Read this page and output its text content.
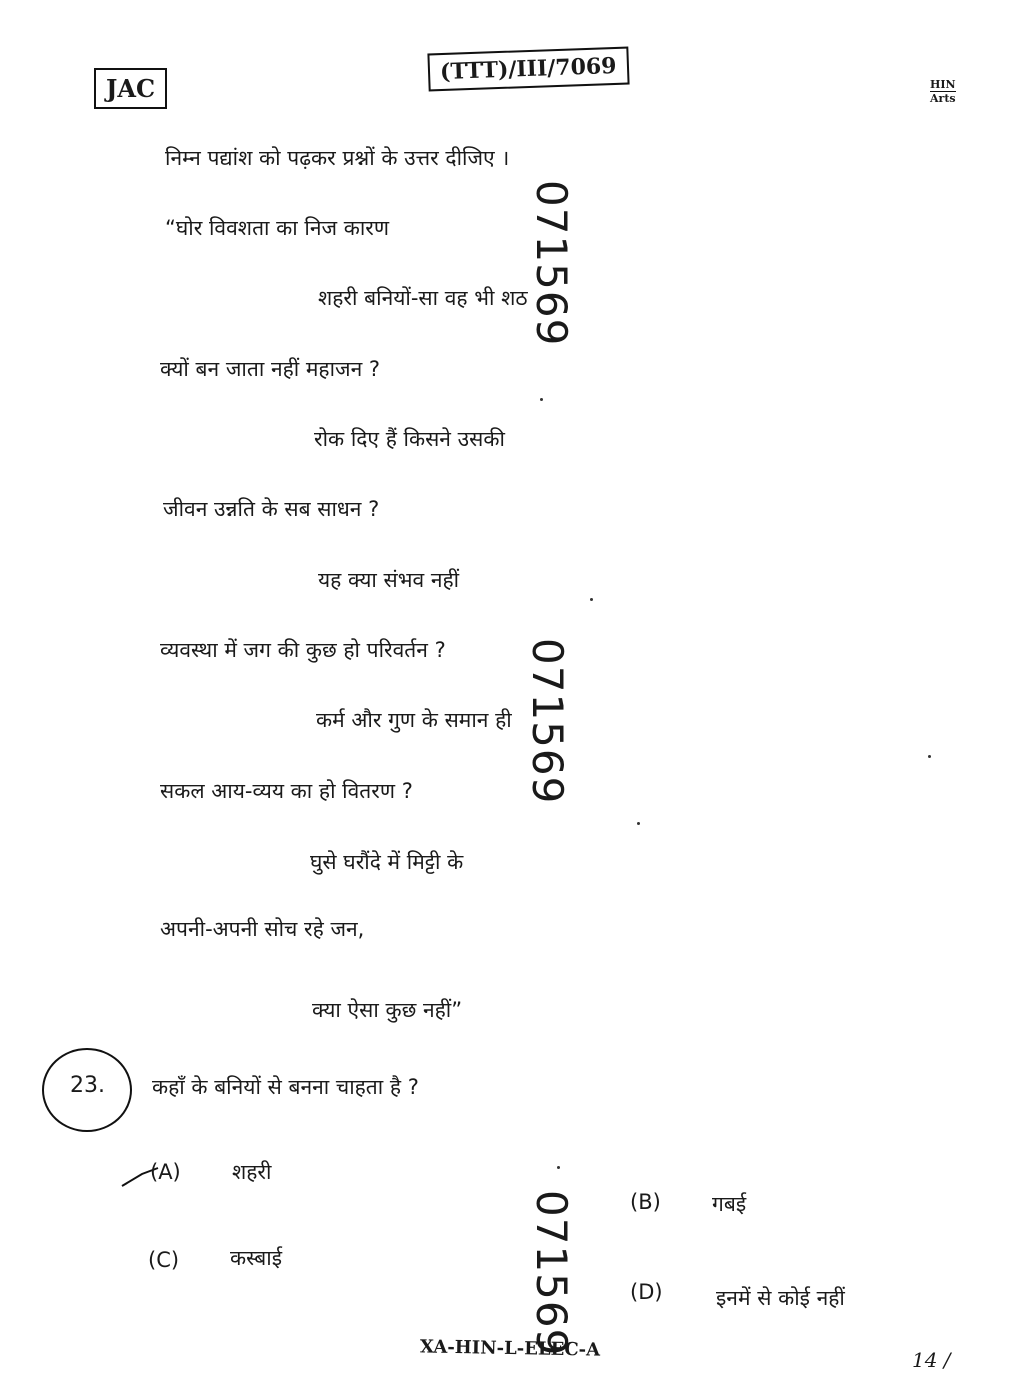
JAC
(TTT)/III/7069	HIN
Arts
निम्न पद्यांश को पढ़कर प्रश्नों के उत्तर दीजिए ।
“घोर विवशता का निज कारण
शहरी बनियों-सा वह भी शठ
क्यों बन जाता नहीं महाजन ?
रोक दिए हैं किसने उसकी
जीवन उन्नति के सब साधन ?
यह क्या संभव नहीं
व्यवस्था में जग की कुछ हो परिवर्तन ?
कर्म और गुण के समान ही
सकल आय-व्यय का हो वितरण ?
घुसे घरौंदे में मिट्टी के
अपनी-अपनी सोच रहे जन,
क्या ऐसा कुछ नहीं”
071569
071569
071569
23. कहाँ के बनियों से बनना चाहता है ?
(A) शहरी
(B) गबई
(C) कस्बाई
(D)	इनमें से कोई नहीं
XA-HIN-L-ELEC-A	14 /
